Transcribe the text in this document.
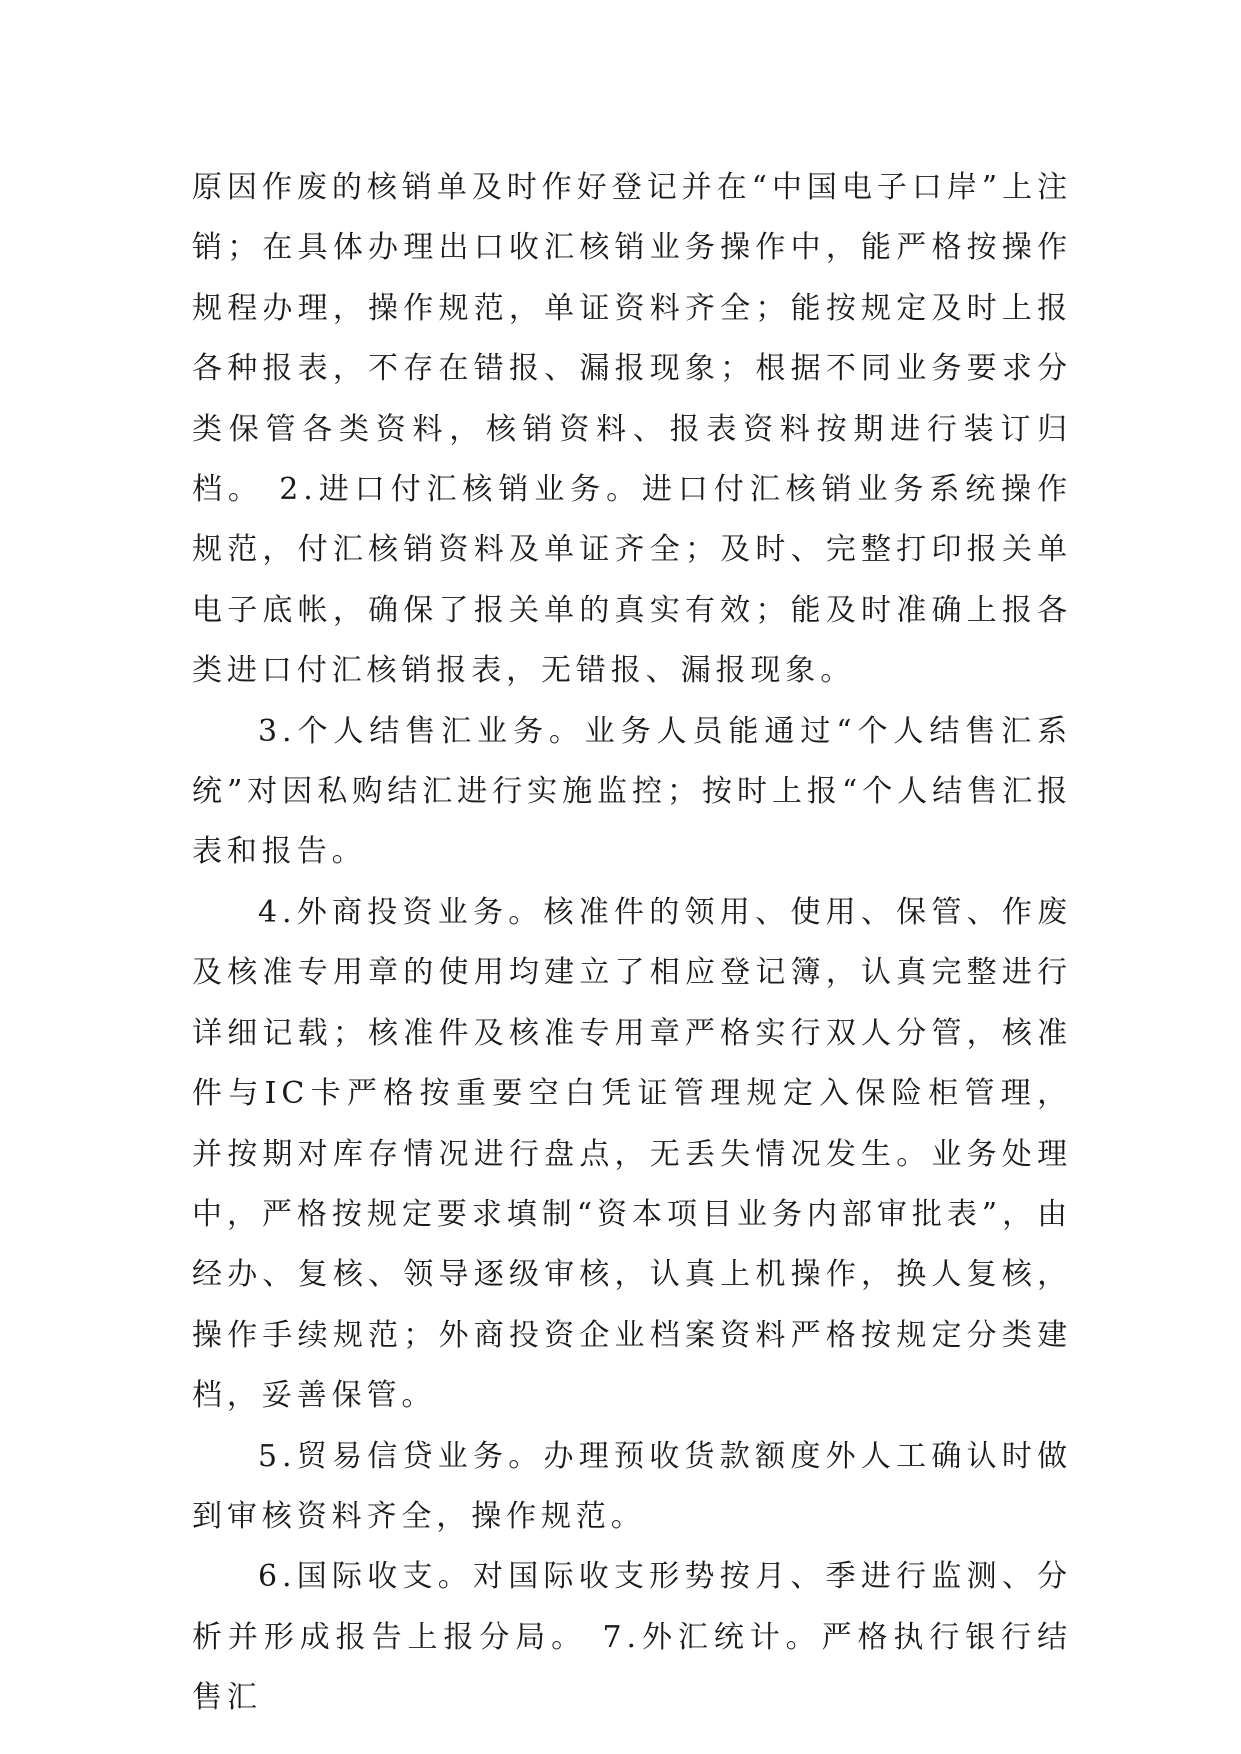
原因作废的核销单及时作好登记并在“中国电子口岸”上注销；在具体办理出口收汇核销业务操作中，能严格按操作规程办理，操作规范，单证资料齐全；能按规定及时上报各种报表，不存在错报、漏报现象；根据不同业务要求分类保管各类资料，核销资料、报表资料按期进行装订归档。 2.进口付汇核销业务。进口付汇核销业务系统操作规范，付汇核销资料及单证齐全；及时、完整打印报关单电子底帐，确保了报关单的真实有效；能及时准确上报各类进口付汇核销报表，无错报、漏报现象。

3.个人结售汇业务。业务人员能通过“个人结售汇系统”对因私购结汇进行实施监控；按时上报“个人结售汇报表和报告。

4.外商投资业务。核准件的领用、使用、保管、作废及核准专用章的使用均建立了相应登记簿，认真完整进行详细记载；核准件及核准专用章严格实行双人分管，核准件与IC卡严格按重要空白凭证管理规定入保险柜管理，并按期对库存情况进行盘点，无丢失情况发生。业务处理中，严格按规定要求填制“资本项目业务内部审批表”，由经办、复核、领导逐级审核，认真上机操作，换人复核，操作手续规范；外商投资企业档案资料严格按规定分类建档，妥善保管。

5.贸易信贷业务。办理预收货款额度外人工确认时做到审核资料齐全，操作规范。

6.国际收支。对国际收支形势按月、季进行监测、分析并形成报告上报分局。 7.外汇统计。严格执行银行结售汇
